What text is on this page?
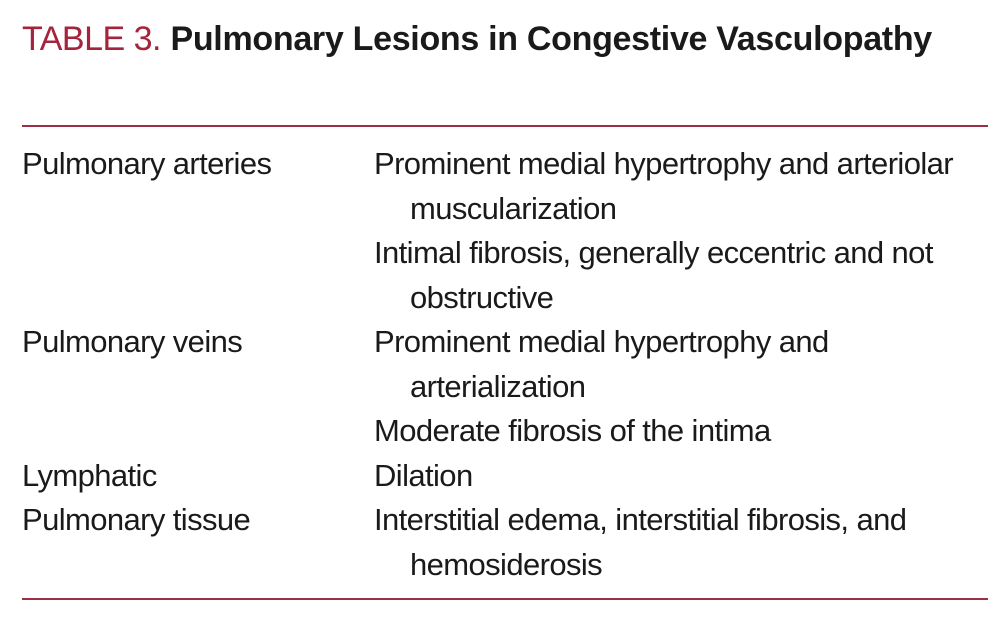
TABLE 3. Pulmonary Lesions in Congestive Vasculopathy
Pulmonary arteries	Prominent medial hypertrophy and arteriolar muscularization
Intimal fibrosis, generally eccentric and not obstructive
Pulmonary veins	Prominent medial hypertrophy and arterialization
Moderate fibrosis of the intima
Lymphatic	Dilation
Pulmonary tissue	Interstitial edema, interstitial fibrosis, and hemosiderosis
